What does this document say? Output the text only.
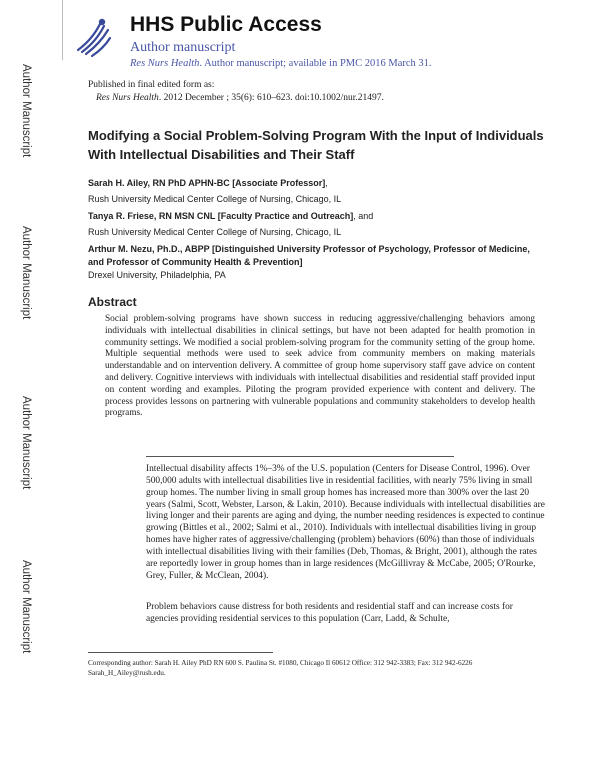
Author Manuscript
Author Manuscript
Author Manuscript
Author Manuscript
HHS Public Access
Author manuscript
Res Nurs Health. Author manuscript; available in PMC 2016 March 31.
Published in final edited form as:
Res Nurs Health. 2012 December ; 35(6): 610–623. doi:10.1002/nur.21497.
Modifying a Social Problem-Solving Program With the Input of Individuals With Intellectual Disabilities and Their Staff
Sarah H. Ailey, RN PhD APHN-BC [Associate Professor],
Rush University Medical Center College of Nursing, Chicago, IL
Tanya R. Friese, RN MSN CNL [Faculty Practice and Outreach], and
Rush University Medical Center College of Nursing, Chicago, IL
Arthur M. Nezu, Ph.D., ABPP [Distinguished University Professor of Psychology, Professor of Medicine, and Professor of Community Health & Prevention]
Drexel University, Philadelphia, PA
Abstract
Social problem-solving programs have shown success in reducing aggressive/challenging behaviors among individuals with intellectual disabilities in clinical settings, but have not been adapted for health promotion in community settings. We modified a social problem-solving program for the community setting of the group home. Multiple sequential methods were used to seek advice from community members on making materials understandable and on intervention delivery. A committee of group home supervisory staff gave advice on content and delivery. Cognitive interviews with individuals with intellectual disabilities and residential staff provided input on content wording and examples. Piloting the program provided experience with content and delivery. The process provides lessons on partnering with vulnerable populations and community stakeholders to develop health programs.
Intellectual disability affects 1%–3% of the U.S. population (Centers for Disease Control, 1996). Over 500,000 adults with intellectual disabilities live in residential facilities, with nearly 75% living in small group homes. The number living in small group homes has increased more than 300% over the last 20 years (Salmi, Scott, Webster, Larson, & Lakin, 2010). Because individuals with intellectual disabilities are living longer and their parents are aging and dying, the number needing residences is expected to continue growing (Bittles et al., 2002; Salmi et al., 2010). Individuals with intellectual disabilities living in group homes have higher rates of aggressive/challenging (problem) behaviors (60%) than those of individuals with intellectual disabilities living with their families (Deb, Thomas, & Bright, 2001), although the rates are reportedly lower in group homes than in large residences (McGillivray & McCabe, 2005; O'Rourke, Grey, Fuller, & McClean, 2004).
Problem behaviors cause distress for both residents and residential staff and can increase costs for agencies providing residential services to this population (Carr, Ladd, & Schulte,
Corresponding author: Sarah H. Ailey PhD RN 600 S. Paulina St. #1080, Chicago Il 60612 Office: 312 942-3383; Fax: 312 942-6226
Sarah_H_Ailey@rush.edu.
